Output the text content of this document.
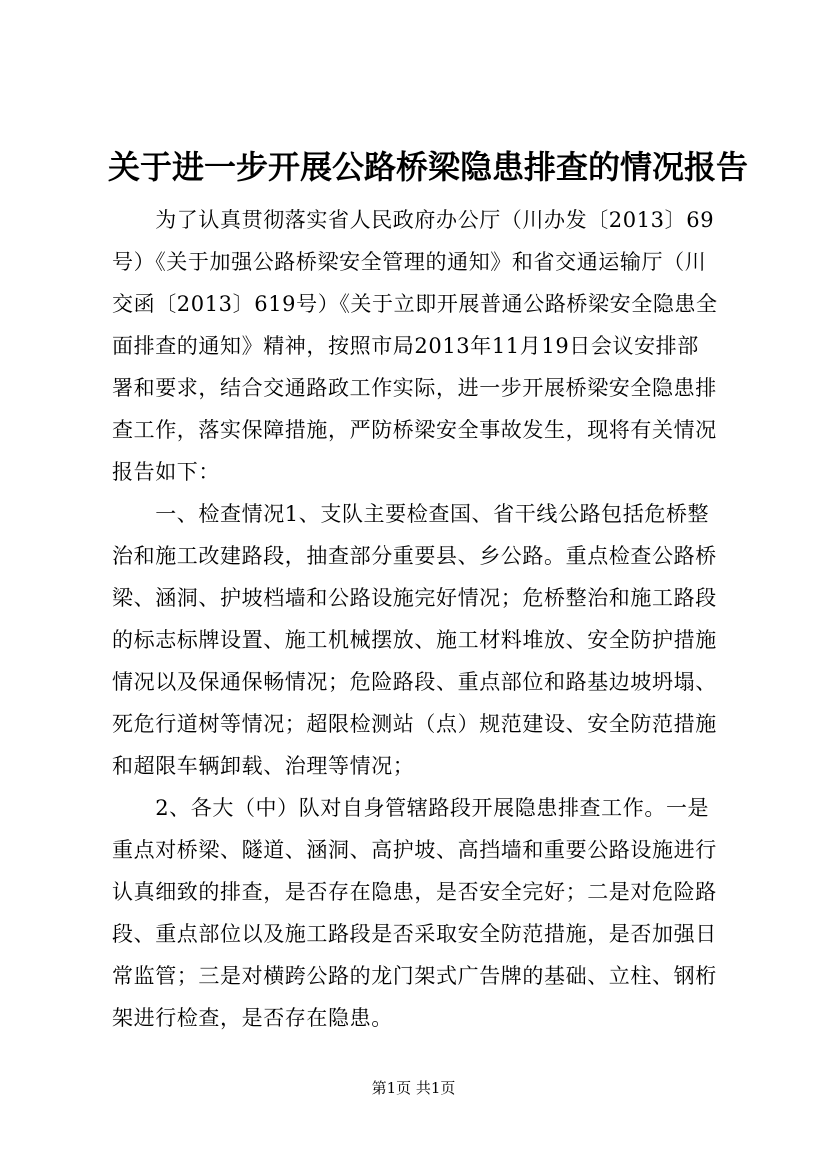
关于进一步开展公路桥梁隐患排查的情况报告
　　为了认真贯彻落实省人民政府办公厅（川办发〔2013〕69
号）《关于加强公路桥梁安全管理的通知》和省交通运输厅（川
交函〔2013〕619号）《关于立即开展普通公路桥梁安全隐患全
面排查的通知》精神，按照市局2013年11月19日会议安排部
署和要求，结合交通路政工作实际，进一步开展桥梁安全隐患排
查工作，落实保障措施，严防桥梁安全事故发生，现将有关情况
报告如下：
　　一、检查情况1、支队主要检查国、省干线公路包括危桥整
治和施工改建路段，抽查部分重要县、乡公路。重点检查公路桥
梁、涵洞、护坡档墙和公路设施完好情况；危桥整治和施工路段
的标志标牌设置、施工机械摆放、施工材料堆放、安全防护措施
情况以及保通保畅情况；危险路段、重点部位和路基边坡坍塌、
死危行道树等情况；超限检测站（点）规范建设、安全防范措施
和超限车辆卸载、治理等情况；
　　2、各大（中）队对自身管辖路段开展隐患排查工作。一是
重点对桥梁、隧道、涵洞、高护坡、高挡墙和重要公路设施进行
认真细致的排查，是否存在隐患，是否安全完好；二是对危险路
段、重点部位以及施工路段是否采取安全防范措施，是否加强日
常监管；三是对横跨公路的龙门架式广告牌的基础、立柱、钢桁
架进行检查，是否存在隐患。
第1页 共1页
